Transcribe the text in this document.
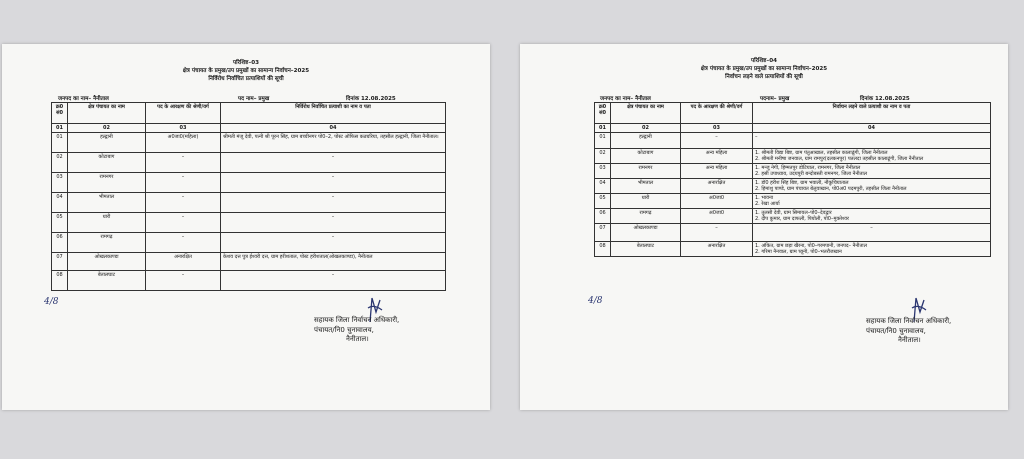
परिशिष्ट–03
क्षेत्र पंचायत के प्रमुख/उप प्रमुखों का सामान्य निर्वाचन–2025
निर्विरोध निर्वाचित प्रत्याशियों की सूची
जनपद का नाम– नैनीताल	पद नाम– प्रमुख	दिनांक 12.08.2025
क्र0 सं0	क्षेत्र पंचायत का नाम	पद के आरक्षण की श्रेणी/वर्ग	निर्विरोध निर्वाचित प्रत्याशी का नाम व पता
01	02	03	04
01	हल्द्वानी	अ0जा0(महिला)	श्रीमती मंजू देवी, पत्नी श्री पूरन सिंह, ग्राम बच्चीनगर पो0–2, पोस्ट ऑफिस कठघरिया, तहसील हल्द्वानी, जिला नैनीताल।
02	कोटाबाग	–	–
03	रामनगर	–	–
04	भीमताल	–	–
05	धारी	–	–
06	रामगढ़	–	–
07	ओखलकाण्डा	अनारक्षित	केशव दत्त पुत्र ईश्वरी दत्त, ग्राम हरीशताल, पोस्ट हरीशताल(ओखलकाण्डा), नैनीताल
08	बेतालघाट	–	–
4/8
सहायक जिला निर्वाचन अधिकारी,
पंचायत/नि0 चुनावालय,
नैनीताल।
परिशिष्ट–04
क्षेत्र पंचायत के प्रमुख/उप प्रमुखों का सामान्य निर्वाचन–2025
निर्वाचन लड़ने वाले प्रत्याशियों की सूची
जनपद का नाम– नैनीताल	पदनाम– प्रमुख	दिनांक 12.08.2025
क्र0 सं0	क्षेत्र पंचायत का नाम	पद के आरक्षण की श्रेणी/वर्ग	निर्वाचन लड़ने वाले प्रत्याशी का नाम व पता
01	02	03	04
01	हल्द्वानी	–	–
02	कोटाबाग	अन्य महिला	1. श्रीमती विद्या बिष्ट, ग्राम पंतुआखाल, तहसील कालाढूंगी, जिला नैनीताल
2. श्रीमती मनीषा जनवाल, ग्राम रामपुर(दलकनपुर) पतलदा तहसील कालाढूंगी, जिला नैनीताल

03	रामनगर	अन्य महिला	1. मन्जू नेगी, हिम्मतपुर डोटियाल, रामनगर, जिला नैनीताल
2. हसी उपाध्याय, उदयपुरी बन्दोबस्ती रामनगर, जिला नैनीताल

04	भीमताल	अनारक्षित	1. डॉ0 हरीश सिंह बिष्ट, ग्राम भवाली, नौकुचियाताल
2. हिमांशु पाण्डे, ग्राम पंचायत बेलुवाखान, पो0अ0 पदमपुरी, तहसील जिला नैनीताल

05	धारी	अ0जा0	1. भावना
2. रेखा आर्या

06	रामगढ़	अ0जा0	1. तुलसी देवी, ग्राम सिमायल–पो0–देवद्वार
2. दीप कुमार, ग्राम दाफली, पियोली, पो0–मुक्तेश्वर

07	ओखलकाण्डा	–	–
08	बेतालघाट	अनारक्षित	1. अंकित, ग्राम छड़ा खैरना, पो0–गरमपानी, जनपद– नैनीताल
2. गरिमा नैनवाल, ग्राम च्यूनी, पो0–भतरौजखान
4/8
सहायक जिला निर्वाचन अधिकारी,
पंचायत/नि0 चुनावालय,
नैनीताल।
